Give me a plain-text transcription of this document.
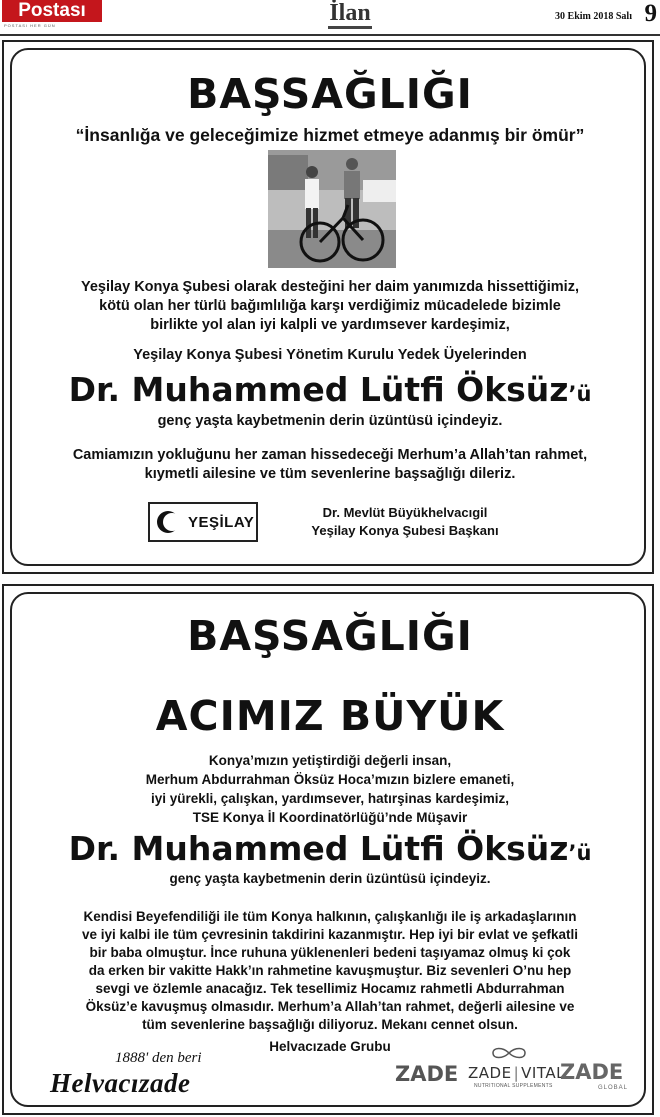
Postası
POSTASI HER GÜN	İlan	30 Ekim 2018 Salı 9
BAŞSAĞLIĞI
“İnsanlığa ve geleceğimize hizmet etmeye adanmış bir ömür”
Yeşilay Konya Şubesi olarak desteğini her daim yanımızda hissettiğimiz,
kötü olan her türlü bağımlılığa karşı verdiğimiz mücadelede bizimle
birlikte yol alan iyi kalpli ve yardımsever kardeşimiz,
Yeşilay Konya Şubesi Yönetim Kurulu Yedek Üyelerinden
Dr. Muhammed Lütfi Öksüz’ü
genç yaşta kaybetmenin derin üzüntüsü içindeyiz.
Camiamızın yokluğunu her zaman hissedeceği Merhum’a Allah’tan rahmet,
kıymetli ailesine ve tüm sevenlerine başsağlığı dileriz.
YEŞİLAY
Dr. Mevlüt Büyükhelvacıgil
Yeşilay Konya Şubesi Başkanı
BAŞSAĞLIĞI
ACIMIZ BÜYÜK
Konya’mızın yetiştirdiği değerli insan,
Merhum Abdurrahman Öksüz Hoca’mızın bizlere emaneti,
iyi yürekli, çalışkan, yardımsever, hatırşinas kardeşimiz,
TSE Konya İl Koordinatörlüğü’nde Müşavir
Dr. Muhammed Lütfi Öksüz’ü
genç yaşta kaybetmenin derin üzüntüsü içindeyiz.
Kendisi Beyefendiliği ile tüm Konya halkının, çalışkanlığı ile iş arkadaşlarının
ve iyi kalbi ile tüm çevresinin takdirini kazanmıştır. Hep iyi bir evlat ve şefkatli
bir baba olmuştur. İnce ruhuna yüklenenleri bedeni taşıyamaz olmuş ki çok
da erken bir vakitte Hakk’ın rahmetine kavuşmuştur. Biz sevenleri O’nu hep
sevgi ve özlemle anacağız. Tek tesellimiz Hocamız rahmetli Abdurrahman
Öksüz’e kavuşmuş olmasıdır. Merhum’a Allah’tan rahmet, değerli ailesine ve
tüm sevenlerine başsağlığı diliyoruz. Mekanı cennet olsun.
Helvacızade Grubu
1888' den beri
Helvacızade	ZADE ZADE | VITAL
NUTRITIONAL SUPPLEMENTS
ZADE
GLOBAL
